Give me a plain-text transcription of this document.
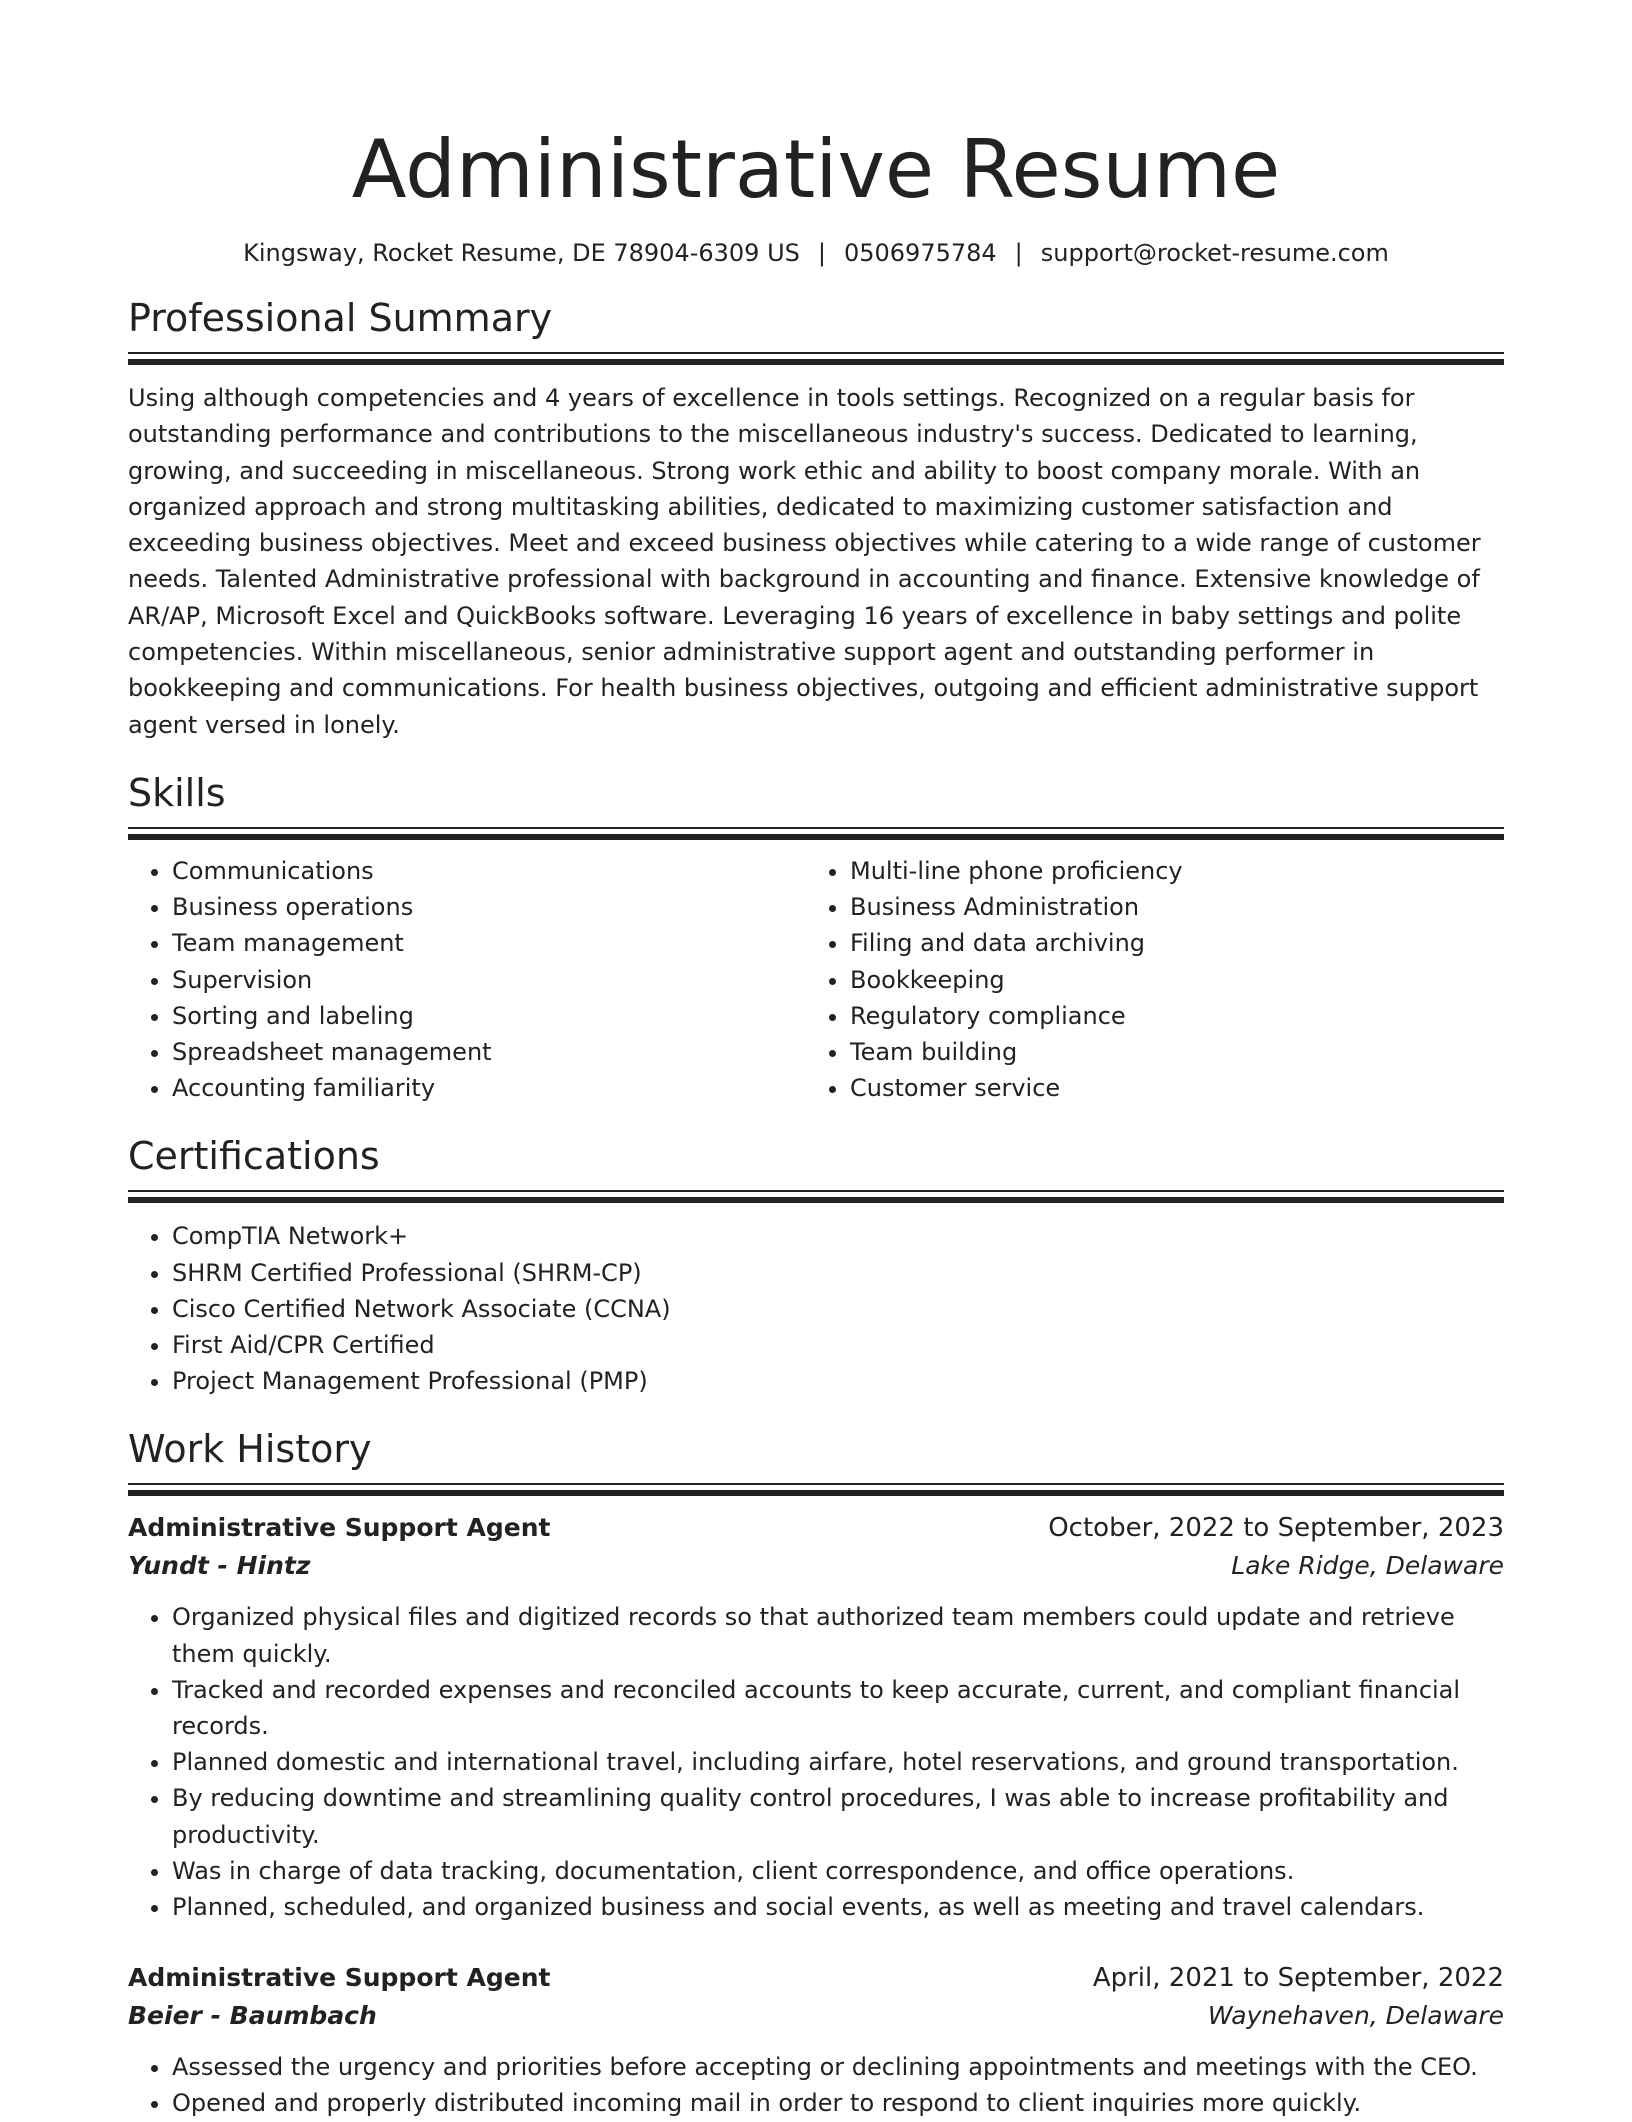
Administrative Resume
Kingsway, Rocket Resume, DE 78904-6309 US | 0506975784 | support@rocket-resume.com
Professional Summary
Using although competencies and 4 years of excellence in tools settings. Recognized on a regular basis for outstanding performance and contributions to the miscellaneous industry's success. Dedicated to learning, growing, and succeeding in miscellaneous. Strong work ethic and ability to boost company morale. With an organized approach and strong multitasking abilities, dedicated to maximizing customer satisfaction and exceeding business objectives. Meet and exceed business objectives while catering to a wide range of customer needs. Talented Administrative professional with background in accounting and finance. Extensive knowledge of AR/AP, Microsoft Excel and QuickBooks software. Leveraging 16 years of excellence in baby settings and polite competencies. Within miscellaneous, senior administrative support agent and outstanding performer in bookkeeping and communications. For health business objectives, outgoing and efficient administrative support agent versed in lonely.
Skills
• Communications
• Business operations
• Team management
• Supervision
• Sorting and labeling
• Spreadsheet management
• Accounting familiarity
• Multi-line phone proficiency
• Business Administration
• Filing and data archiving
• Bookkeeping
• Regulatory compliance
• Team building
• Customer service
Certifications
• CompTIA Network+
• SHRM Certified Professional (SHRM-CP)
• Cisco Certified Network Associate (CCNA)
• First Aid/CPR Certified
• Project Management Professional (PMP)
Work History
Administrative Support Agent	October, 2022 to September, 2023
Yundt - Hintz	Lake Ridge, Delaware
• Organized physical files and digitized records so that authorized team members could update and retrieve them quickly.
• Tracked and recorded expenses and reconciled accounts to keep accurate, current, and compliant financial records.
• Planned domestic and international travel, including airfare, hotel reservations, and ground transportation.
• By reducing downtime and streamlining quality control procedures, I was able to increase profitability and productivity.
• Was in charge of data tracking, documentation, client correspondence, and office operations.
• Planned, scheduled, and organized business and social events, as well as meeting and travel calendars.
Administrative Support Agent	April, 2021 to September, 2022
Beier - Baumbach	Waynehaven, Delaware
• Assessed the urgency and priorities before accepting or declining appointments and meetings with the CEO.
• Opened and properly distributed incoming mail in order to respond to client inquiries more quickly.
